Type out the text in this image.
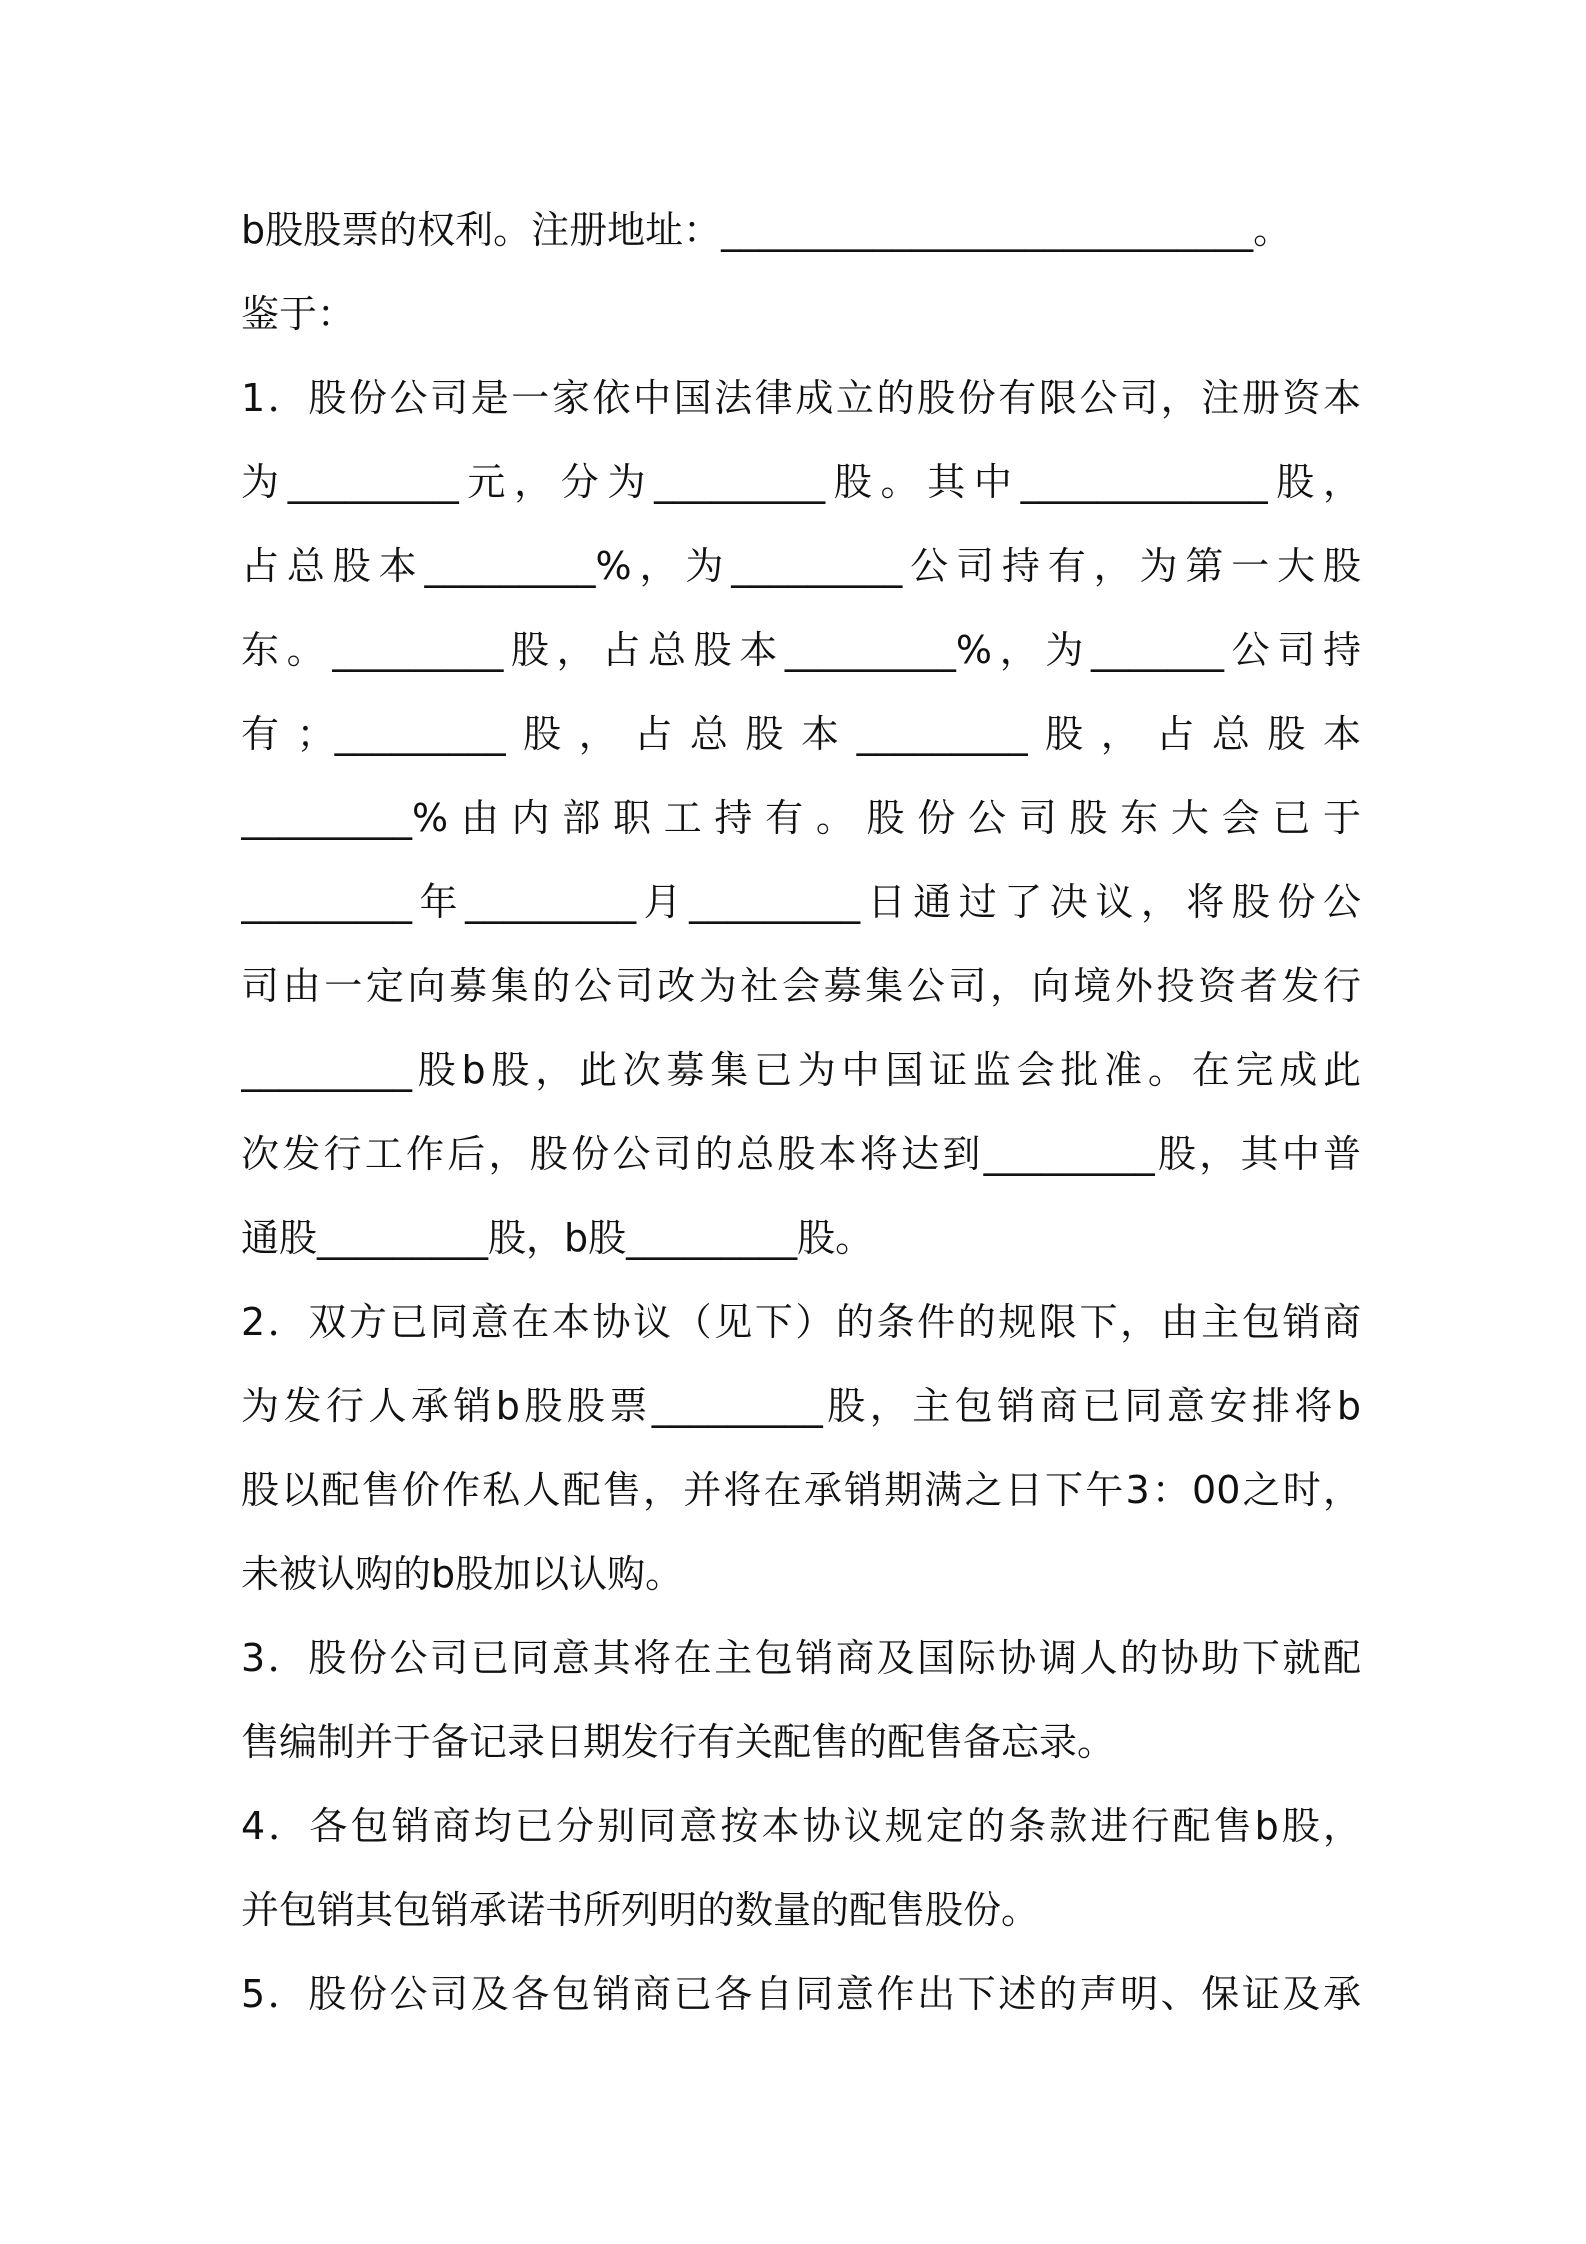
b股股票的权利。注册地址：____________________________。
鉴于：
1．股份公司是一家依中国法律成立的股份有限公司，注册资本
为_________元，分为_________股。其中_____________股，
占总股本_________%，为_________公司持有，为第一大股
东。_________股，占总股本_________%，为_______公司持
有；_________股，占总股本_________股，占总股本
_________%由内部职工持有。股份公司股东大会已于
_________年_________月_________日通过了决议，将股份公
司由一定向募集的公司改为社会募集公司，向境外投资者发行
_________股b股，此次募集已为中国证监会批准。在完成此
次发行工作后，股份公司的总股本将达到_________股，其中普
通股_________股，b股_________股。
2．双方已同意在本协议（见下）的条件的规限下，由主包销商
为发行人承销b股股票_________股，主包销商已同意安排将b
股以配售价作私人配售，并将在承销期满之日下午3：00之时，
未被认购的b股加以认购。
3．股份公司已同意其将在主包销商及国际协调人的协助下就配
售编制并于备记录日期发行有关配售的配售备忘录。
4．各包销商均已分别同意按本协议规定的条款进行配售b股，
并包销其包销承诺书所列明的数量的配售股份。
5．股份公司及各包销商已各自同意作出下述的声明、保证及承
